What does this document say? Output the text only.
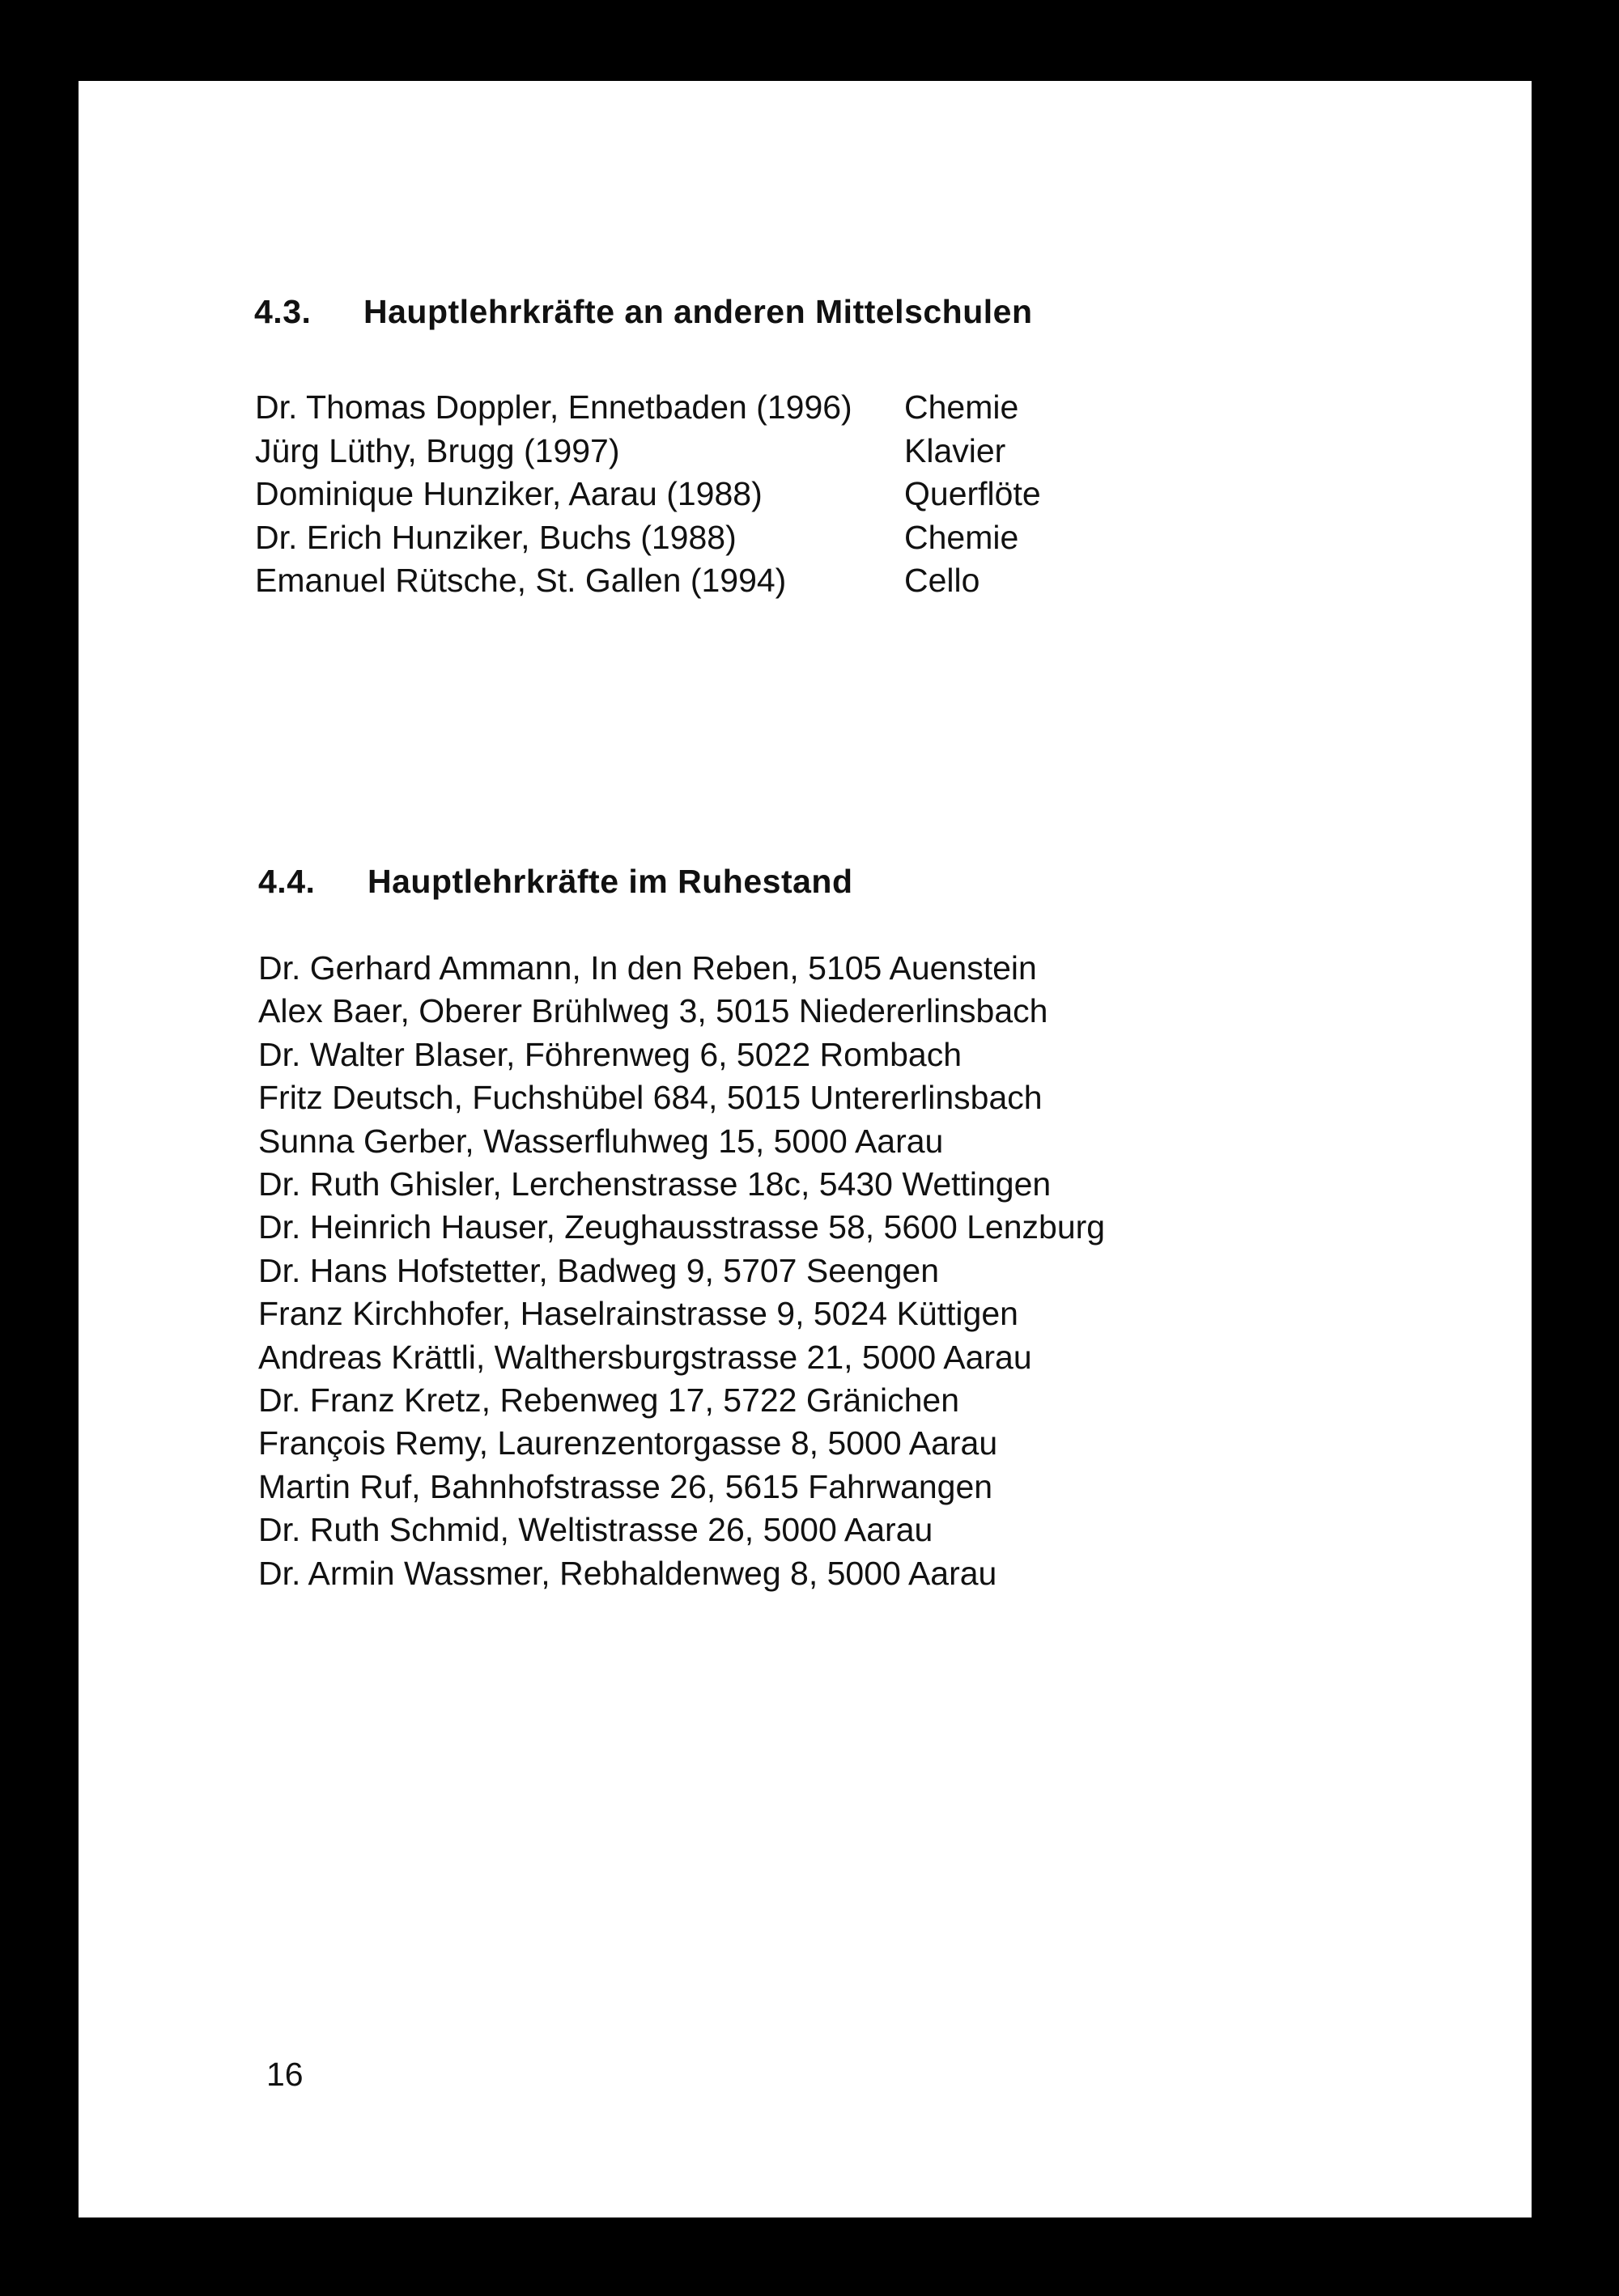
4.3. Hauptlehrkräfte an anderen Mittelschulen
Dr. Thomas Doppler, Ennetbaden (1996)	Chemie
Jürg Lüthy, Brugg (1997)	Klavier
Dominique Hunziker, Aarau (1988)	Querflöte
Dr. Erich Hunziker, Buchs (1988)	Chemie
Emanuel Rütsche, St. Gallen (1994)	Cello
4.4. Hauptlehrkräfte im Ruhestand
Dr. Gerhard Ammann, In den Reben, 5105 Auenstein
Alex Baer, Oberer Brühlweg 3, 5015 Niedererlinsbach
Dr. Walter Blaser, Föhrenweg 6, 5022 Rombach
Fritz Deutsch, Fuchshübel 684, 5015 Untererlinsbach
Sunna Gerber, Wasserfluhweg 15, 5000 Aarau
Dr. Ruth Ghisler, Lerchenstrasse 18c, 5430 Wettingen
Dr. Heinrich Hauser, Zeughausstrasse 58, 5600 Lenzburg
Dr. Hans Hofstetter, Badweg 9, 5707 Seengen
Franz Kirchhofer, Haselrainstrasse 9, 5024 Küttigen
Andreas Krättli, Walthersburgstrasse 21, 5000 Aarau
Dr. Franz Kretz, Rebenweg 17, 5722 Gränichen
François Remy, Laurenzentorgasse 8, 5000 Aarau
Martin Ruf, Bahnhofstrasse 26, 5615 Fahrwangen
Dr. Ruth Schmid, Weltistrasse 26, 5000 Aarau
Dr. Armin Wassmer, Rebhaldenweg 8, 5000 Aarau
16
